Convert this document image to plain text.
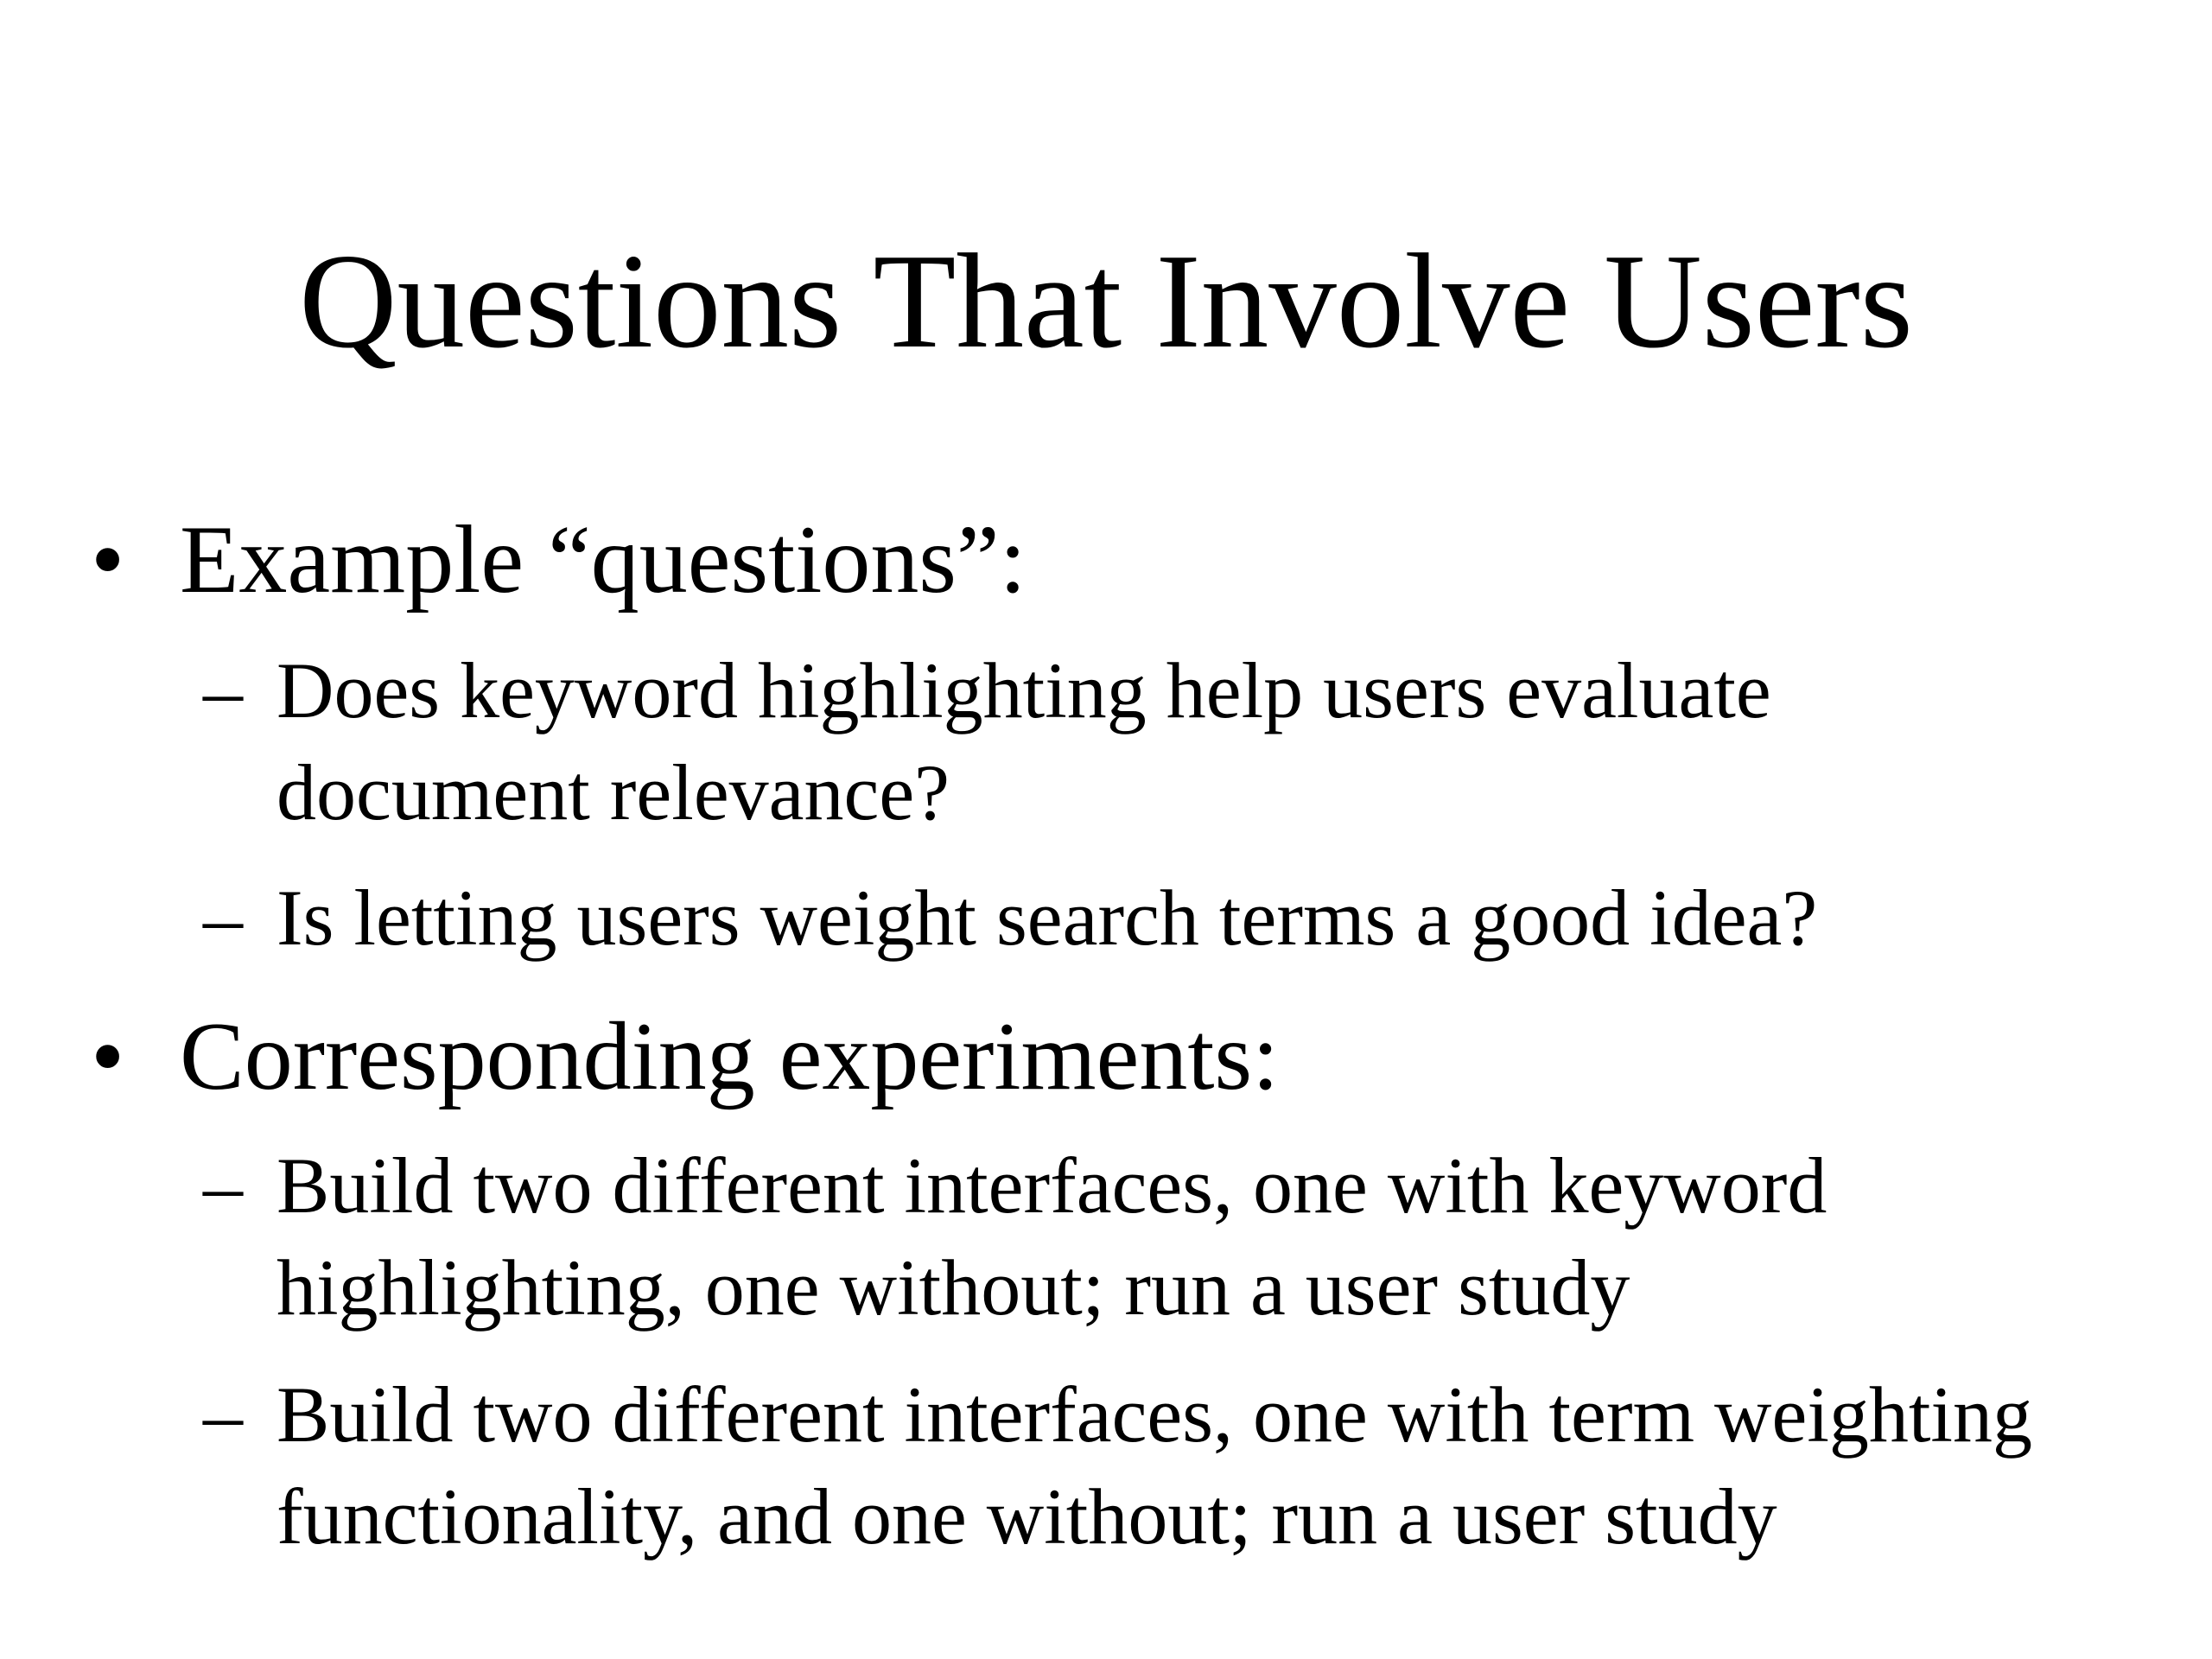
Questions That Involve Users
• Example “questions”:
– Does keyword highlighting help users evaluate
document relevance?
– Is letting users weight search terms a good idea?
• Corresponding experiments:
– Build two different interfaces, one with keyword
highlighting, one without; run a user study
– Build two different interfaces, one with term weighting
functionality, and one without; run a user study
